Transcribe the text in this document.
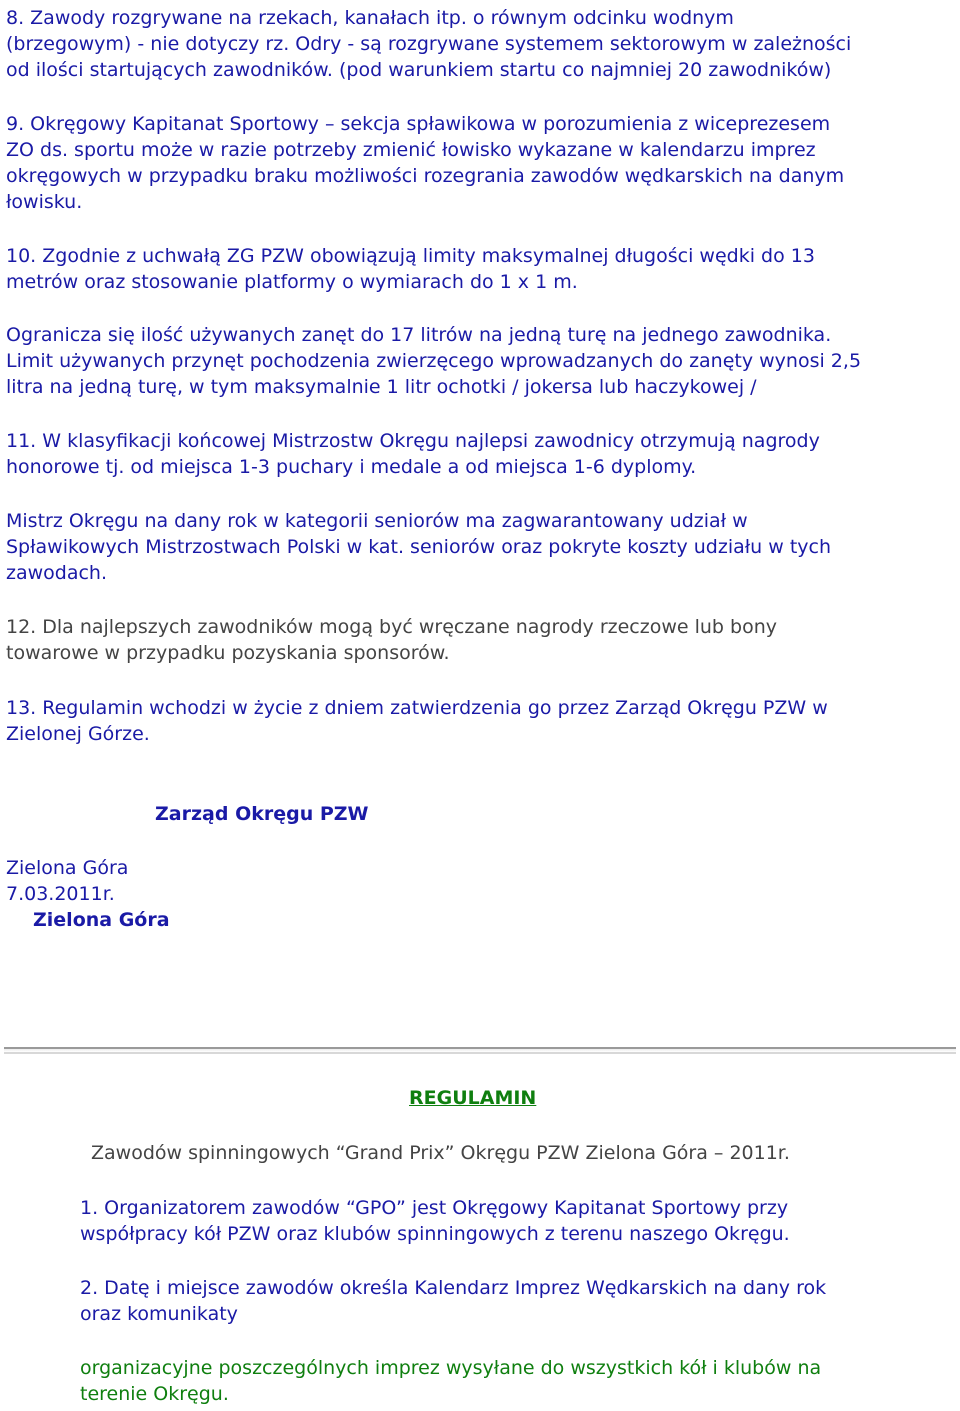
8. Zawody rozgrywane na rzekach, kanałach itp. o równym odcinku wodnym
(brzegowym) - nie dotyczy rz. Odry - są rozgrywane systemem sektorowym w zależności
od ilości startujących zawodników. (pod warunkiem startu co najmniej 20 zawodników)
9. Okręgowy Kapitanat Sportowy – sekcja spławikowa w porozumienia z wiceprezesem
ZO ds. sportu może w razie potrzeby zmienić łowisko wykazane w kalendarzu imprez
okręgowych w przypadku braku możliwości rozegrania zawodów wędkarskich na danym
łowisku.
10. Zgodnie z uchwałą ZG PZW obowiązują limity maksymalnej długości wędki do 13
metrów oraz stosowanie platformy o wymiarach do 1 x 1 m.
Ogranicza się ilość używanych zanęt do 17 litrów na jedną turę na jednego zawodnika.
Limit używanych przynęt pochodzenia zwierzęcego wprowadzanych do zanęty wynosi 2,5
litra na jedną turę, w tym maksymalnie 1 litr ochotki / jokersa lub haczykowej /
11. W klasyfikacji końcowej Mistrzostw Okręgu najlepsi zawodnicy otrzymują nagrody
honorowe tj. od miejsca 1-3 puchary i medale a od miejsca 1-6 dyplomy.
Mistrz Okręgu na dany rok w kategorii seniorów ma zagwarantowany udział w
Spławikowych Mistrzostwach Polski w kat. seniorów oraz pokryte koszty udziału w tych
zawodach.
12. Dla najlepszych zawodników mogą być wręczane nagrody rzeczowe lub bony
towarowe w przypadku pozyskania sponsorów.
13. Regulamin wchodzi w życie z dniem zatwierdzenia go przez Zarząd Okręgu PZW w
Zielonej Górze.
Zarząd Okręgu PZW
Zielona Góra
7.03.2011r.
Zielona Góra
REGULAMIN
Zawodów spinningowych “Grand Prix” Okręgu PZW Zielona Góra – 2011r.
1. Organizatorem zawodów “GPO” jest Okręgowy Kapitanat Sportowy przy
współpracy kół PZW oraz klubów spinningowych z terenu naszego Okręgu.
2. Datę i miejsce zawodów określa Kalendarz Imprez Wędkarskich na dany rok
oraz komunikaty
organizacyjne poszczególnych imprez wysyłane do wszystkich kół i klubów na
terenie Okręgu.
